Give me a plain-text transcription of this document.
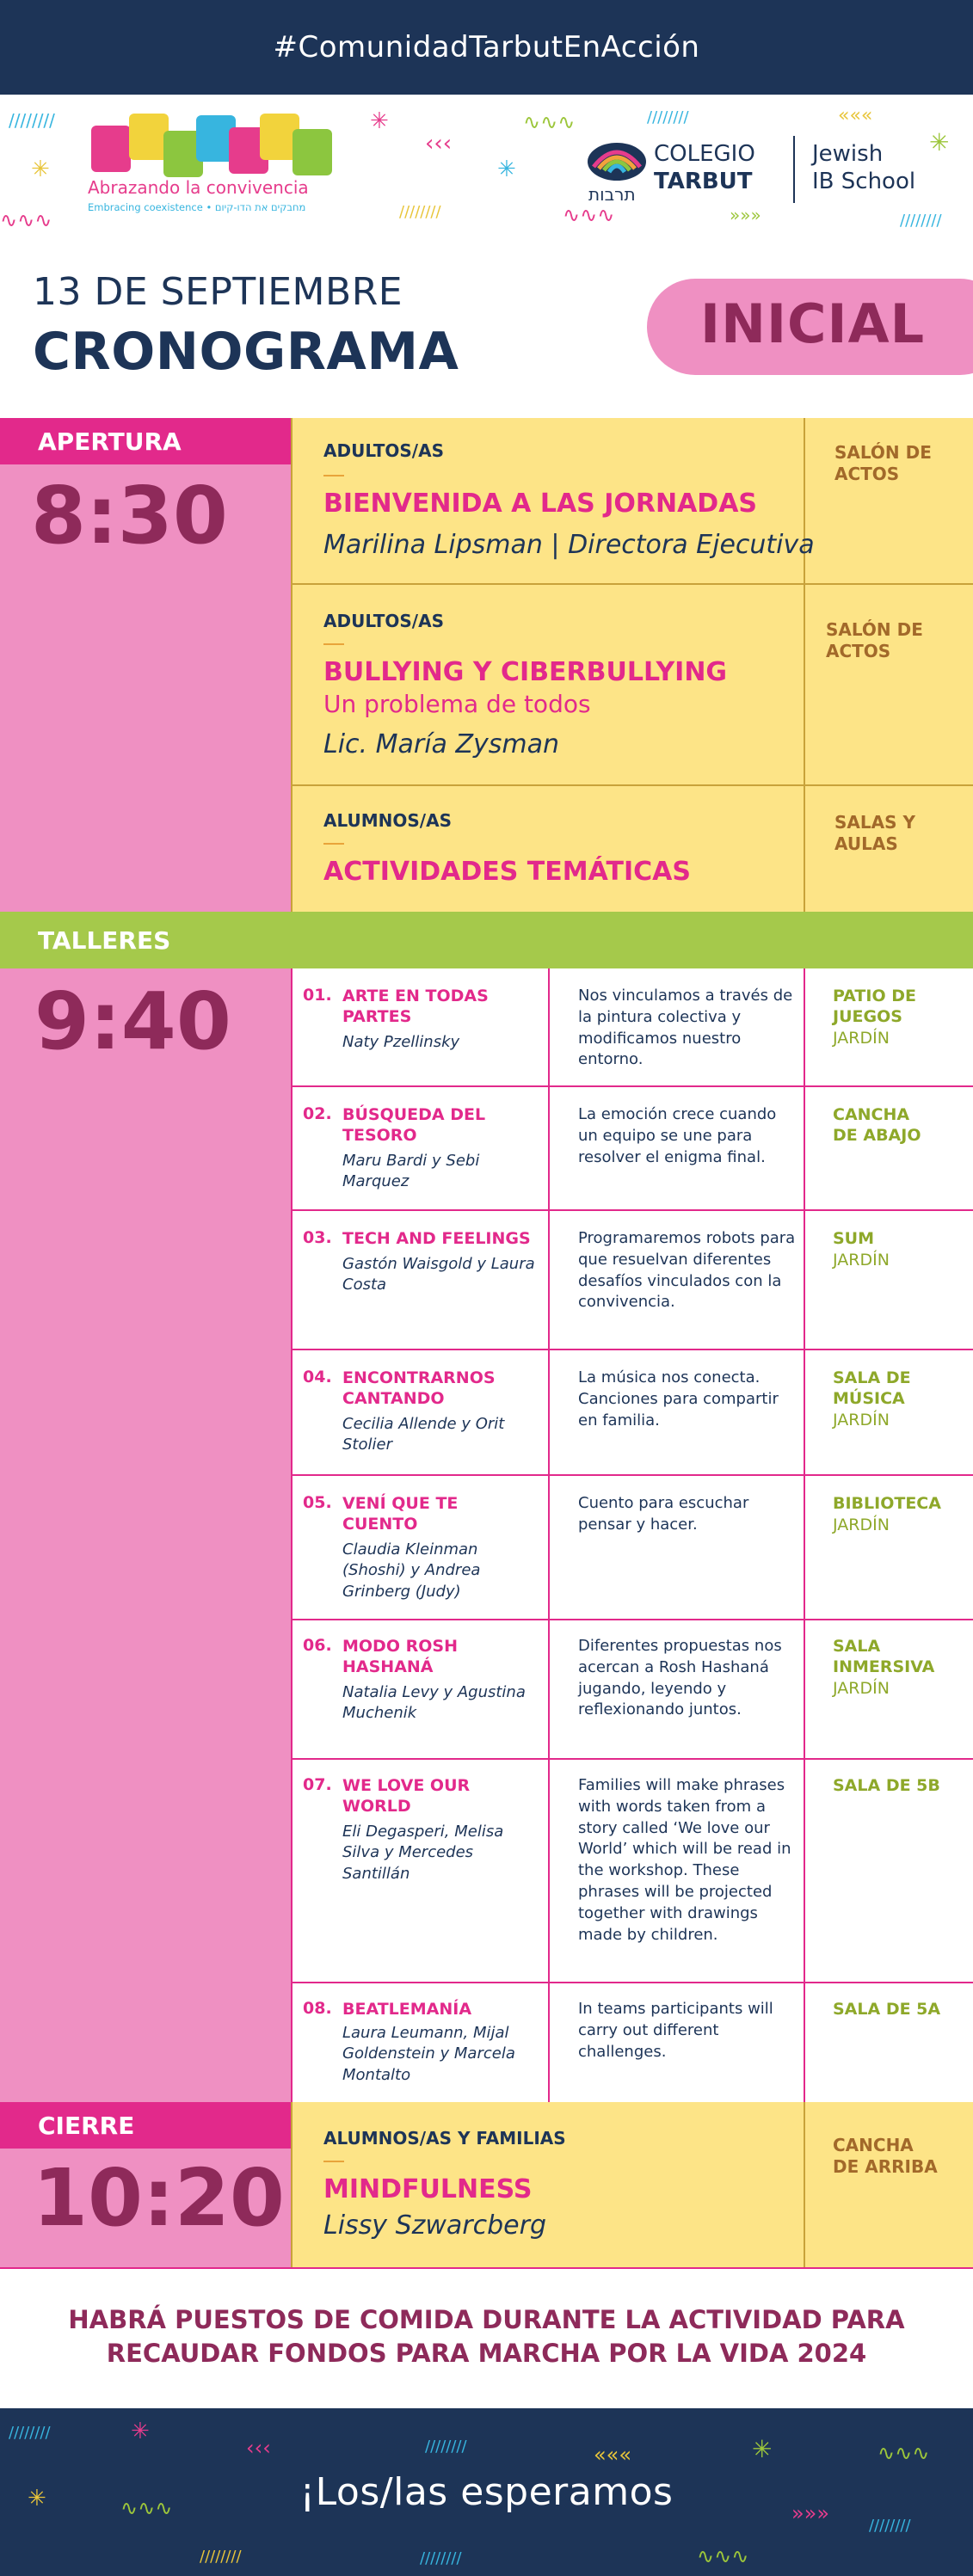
#ComunidadTarbutEnAcción
////////
✳
∿∿∿
✳
‹‹‹
✳
∿∿∿
////////	∿∿∿
////////	«««
✳
»»»	////////
Abrazando la convivencia
Embracing coexistence • מחבקים את הדו-קיום
COLEGIO
TARBUT
תרבות
Jewish
IB School
13 DE SEPTIEMBRE
CRONOGRAMA	INICIAL
APERTURA
8:30
ADULTOS/AS
BIENVENIDA A LAS JORNADAS
Marilina Lipsman | Directora Ejecutiva
SALÓN DE ACTOS
ADULTOS/AS
BULLYING Y CIBERBULLYING
Un problema de todos
Lic. María Zysman
SALÓN DE ACTOS
ALUMNOS/AS
ACTIVIDADES TEMÁTICAS
SALAS Y AULAS
TALLERES
9:40	01. ARTE EN TODAS PARTES
Naty Pzellinsky
Nos vinculamos a través de la pintura colectiva y modificamos nuestro entorno.
PATIO DE JUEGOS
JARDÍN
02. BÚSQUEDA DEL TESORO
Maru Bardi y Sebi Marquez
La emoción crece cuando un equipo se une para resolver el enigma final.
CANCHA DE ABAJO
03. TECH AND FEELINGS
Gastón Waisgold y Laura Costa
Programaremos robots para que resuelvan diferentes desafíos vinculados con la convivencia.
SUM
JARDÍN
04. ENCONTRARNOS CANTANDO
Cecilia Allende y Orit Stolier
La música nos conecta. Canciones para compartir en familia.
SALA DE MÚSICA
JARDÍN
05. VENÍ QUE TE CUENTO
Claudia Kleinman (Shoshi) y Andrea Grinberg (Judy)
Cuento para escuchar pensar y hacer.
BIBLIOTECA
JARDÍN
06. MODO ROSH HASHANÁ
Natalia Levy y Agustina Muchenik
Diferentes propuestas nos acercan a Rosh Hashaná jugando, leyendo y reflexionando juntos.
SALA INMERSIVA
JARDÍN
07. WE LOVE OUR WORLD
Eli Degasperi, Melisa Silva y Mercedes Santillán
Families will make phrases with words taken from a story called ‘We love our World’ which will be read in the workshop. These phrases will be projected together with drawings made by children.
SALA DE 5B
08. BEATLEMANÍA
Laura Leumann, Mijal Goldenstein y Marcela Montalto
In teams participants will carry out different challenges.
SALA DE 5A
CIERRE
10:20
ALUMNOS/AS Y FAMILIAS
MINDFULNESS
Lissy Szwarcberg
CANCHA DE ARRIBA
HABRÁ PUESTOS DE COMIDA DURANTE LA ACTIVIDAD PARA RECAUDAR FONDOS PARA MARCHA POR LA VIDA 2024
////////	✳
‹‹‹	////////	«««	✳	∿∿∿
✳	∿∿∿
////////
»»»
////////
////////	∿∿∿
¡Los/las esperamos
